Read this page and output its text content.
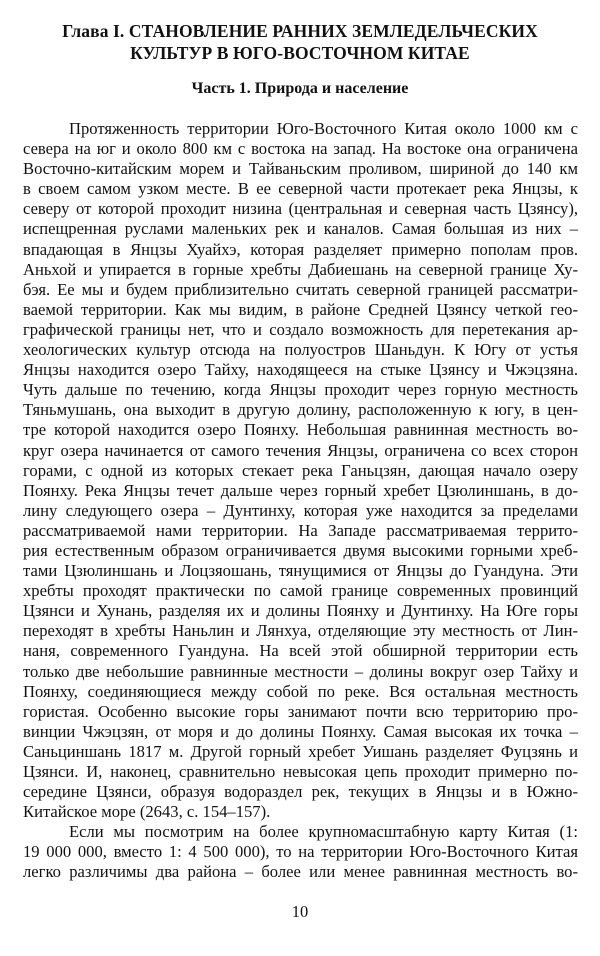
Глава I. СТАНОВЛЕНИЕ РАННИХ ЗЕМЛЕДЕЛЬЧЕСКИХ
КУЛЬТУР В ЮГО-ВОСТОЧНОМ КИТАЕ
Часть 1. Природа и население
Протяженность территории Юго-Восточного Китая около 1000 км с
севера на юг и около 800 км с востока на запад. На востоке она ограничена
Восточно-китайским морем и Тайваньским проливом, шириной до 140 км
в своем самом узком месте. В ее северной части протекает река Янцзы, к
северу от которой проходит низина (центральная и северная часть Цзянсу),
испещренная руслами маленьких рек и каналов. Самая большая из них –
впадающая в Янцзы Хуайхэ, которая разделяет примерно пополам пров.
Аньхой и упирается в горные хребты Дабиешань на северной границе Ху-
бэя. Ее мы и будем приблизительно считать северной границей рассматри-
ваемой территории. Как мы видим, в районе Средней Цзянсу четкой гео-
графической границы нет, что и создало возможность для перетекания ар-
хеологических культур отсюда на полуостров Шаньдун. К Югу от устья
Янцзы находится озеро Тайху, находящееся на стыке Цзянсу и Чжэцзяна.
Чуть дальше по течению, когда Янцзы проходит через горную местность
Тяньмушань, она выходит в другую долину, расположенную к югу, в цен-
тре которой находится озеро Поянху. Небольшая равнинная местность во-
круг озера начинается от самого течения Янцзы, ограничена со всех сторон
горами, с одной из которых стекает река Ганьцзян, дающая начало озеру
Поянху. Река Янцзы течет дальше через горный хребет Цзюлиншань, в до-
лину следующего озера – Дунтинху, которая уже находится за пределами
рассматриваемой нами территории. На Западе рассматриваемая террито-
рия естественным образом ограничивается двумя высокими горными хреб-
тами Цзюлиншань и Лоцзяошань, тянущимися от Янцзы до Гуандуна. Эти
хребты проходят практически по самой границе современных провинций
Цзянси и Хунань, разделяя их и долины Поянху и Дунтинху. На Юге горы
переходят в хребты Наньлин и Лянхуа, отделяющие эту местность от Лин-
наня, современного Гуандуна. На всей этой обширной территории есть
только две небольшие равнинные местности – долины вокруг озер Тайху и
Поянху, соединяющиеся между собой по реке. Вся остальная местность
гористая. Особенно высокие горы занимают почти всю территорию про-
винции Чжэцзян, от моря и до долины Поянху. Самая высокая их точка –
Саньциншань 1817 м. Другой горный хребет Уишань разделяет Фуцзянь и
Цзянси. И, наконец, сравнительно невысокая цепь проходит примерно по-
середине Цзянси, образуя водораздел рек, текущих в Янцзы и в Южно-
Китайское море (2643, с. 154–157).
Если мы посмотрим на более крупномасштабную карту Китая (1:
19 000 000, вместо 1: 4 500 000), то на территории Юго-Восточного Китая
легко различимы два района – более или менее равнинная местность во-
10
